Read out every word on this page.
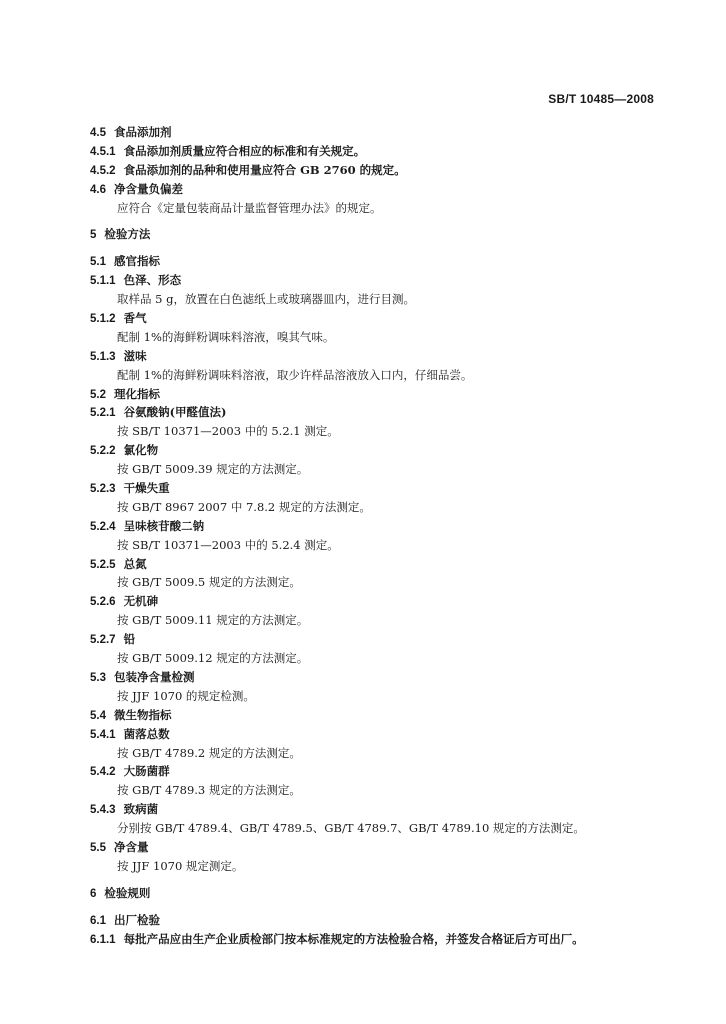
SB/T 10485—2008
4.5 食品添加剂
4.5.1 食品添加剂质量应符合相应的标准和有关规定。
4.5.2 食品添加剂的品种和使用量应符合 GB 2760 的规定。
4.6 净含量负偏差
应符合《定量包装商品计量监督管理办法》的规定。
5 检验方法
5.1 感官指标
5.1.1 色泽、形态
取样品 5 g，放置在白色滤纸上或玻璃器皿内，进行目测。
5.1.2 香气
配制 1%的海鲜粉调味料溶液，嗅其气味。
5.1.3 滋味
配制 1%的海鲜粉调味料溶液，取少许样品溶液放入口内，仔细品尝。
5.2 理化指标
5.2.1 谷氨酸钠(甲醛值法)
按 SB/T 10371—2003 中的 5.2.1 测定。
5.2.2 氯化物
按 GB/T 5009.39 规定的方法测定。
5.2.3 干燥失重
按 GB/T 8967 2007 中 7.8.2 规定的方法测定。
5.2.4 呈味核苷酸二钠
按 SB/T 10371—2003 中的 5.2.4 测定。
5.2.5 总氮
按 GB/T 5009.5 规定的方法测定。
5.2.6 无机砷
按 GB/T 5009.11 规定的方法测定。
5.2.7 铅
按 GB/T 5009.12 规定的方法测定。
5.3 包装净含量检测
按 JJF 1070 的规定检测。
5.4 微生物指标
5.4.1 菌落总数
按 GB/T 4789.2 规定的方法测定。
5.4.2 大肠菌群
按 GB/T 4789.3 规定的方法测定。
5.4.3 致病菌
分别按 GB/T 4789.4、GB/T 4789.5、GB/T 4789.7、GB/T 4789.10 规定的方法测定。
5.5 净含量
按 JJF 1070 规定测定。
6 检验规则
6.1 出厂检验
6.1.1 每批产品应由生产企业质检部门按本标准规定的方法检验合格，并签发合格证后方可出厂。
